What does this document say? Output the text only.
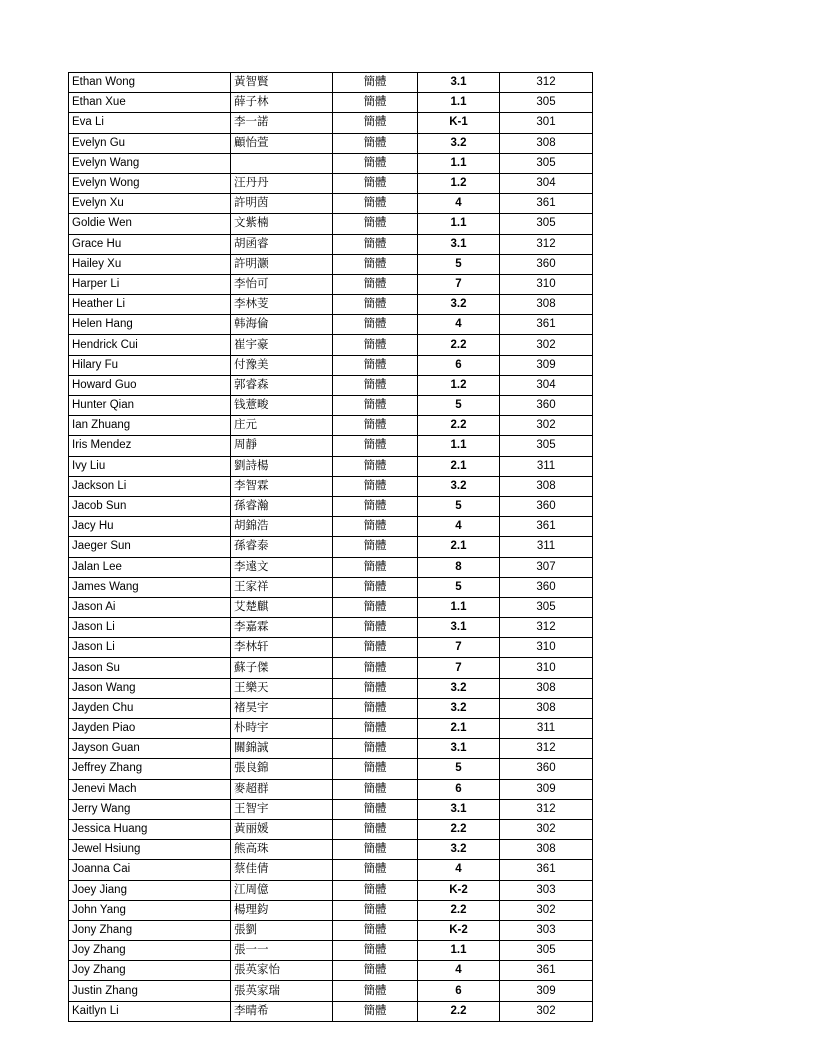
Ethan Wong	黃智賢	簡體	3.1	312
Ethan Xue	薛子林	簡體	1.1	305
Eva Li	李一諾	簡體	K-1	301
Evelyn Gu	顧怡萱	簡體	3.2	308
Evelyn Wang		簡體	1.1	305
Evelyn Wong	汪丹丹	簡體	1.2	304
Evelyn Xu	許明茵	簡體	4	361
Goldie Wen	文紫楠	簡體	1.1	305
Grace Hu	胡函睿	簡體	3.1	312
Hailey Xu	許明灏	簡體	5	360
Harper Li	李怡可	簡體	7	310
Heather Li	李林芰	簡體	3.2	308
Helen Hang	韩海倫	簡體	4	361
Hendrick Cui	崔宇豪	簡體	2.2	302
Hilary Fu	付豫美	簡體	6	309
Howard Guo	郭睿森	簡體	1.2	304
Hunter Qian	钱薏畯	簡體	5	360
Ian Zhuang	庄元	簡體	2.2	302
Iris Mendez	周靜	簡體	1.1	305
Ivy Liu	劉詩楊	簡體	2.1	311
Jackson Li	李智霖	簡體	3.2	308
Jacob Sun	孫睿瀚	簡體	5	360
Jacy Hu	胡錦浩	簡體	4	361
Jaeger Sun	孫睿泰	簡體	2.1	311
Jalan Lee	李遠文	簡體	8	307
James Wang	王家祥	簡體	5	360
Jason Ai	艾楚麒	簡體	1.1	305
Jason Li	李嘉霖	簡體	3.1	312
Jason Li	李林轩	簡體	7	310
Jason Su	蘇子傑	簡體	7	310
Jason Wang	王樂天	簡體	3.2	308
Jayden Chu	褚昊宇	簡體	3.2	308
Jayden Piao	朴時宇	簡體	2.1	311
Jayson Guan	關錦誠	簡體	3.1	312
Jeffrey Zhang	張良錦	簡體	5	360
Jenevi Mach	麥超群	簡體	6	309
Jerry Wang	王智宇	簡體	3.1	312
Jessica Huang	黃丽媛	簡體	2.2	302
Jewel Hsiung	熊高珠	簡體	3.2	308
Joanna Cai	蔡佳倩	簡體	4	361
Joey Jiang	江周億	簡體	K-2	303
John Yang	楊理鈞	簡體	2.2	302
Jony Zhang	張劉	簡體	K-2	303
Joy Zhang	張一一	簡體	1.1	305
Joy Zhang	張英家怡	簡體	4	361
Justin Zhang	張英家瑞	簡體	6	309
Kaitlyn Li	李晴希	簡體	2.2	302
